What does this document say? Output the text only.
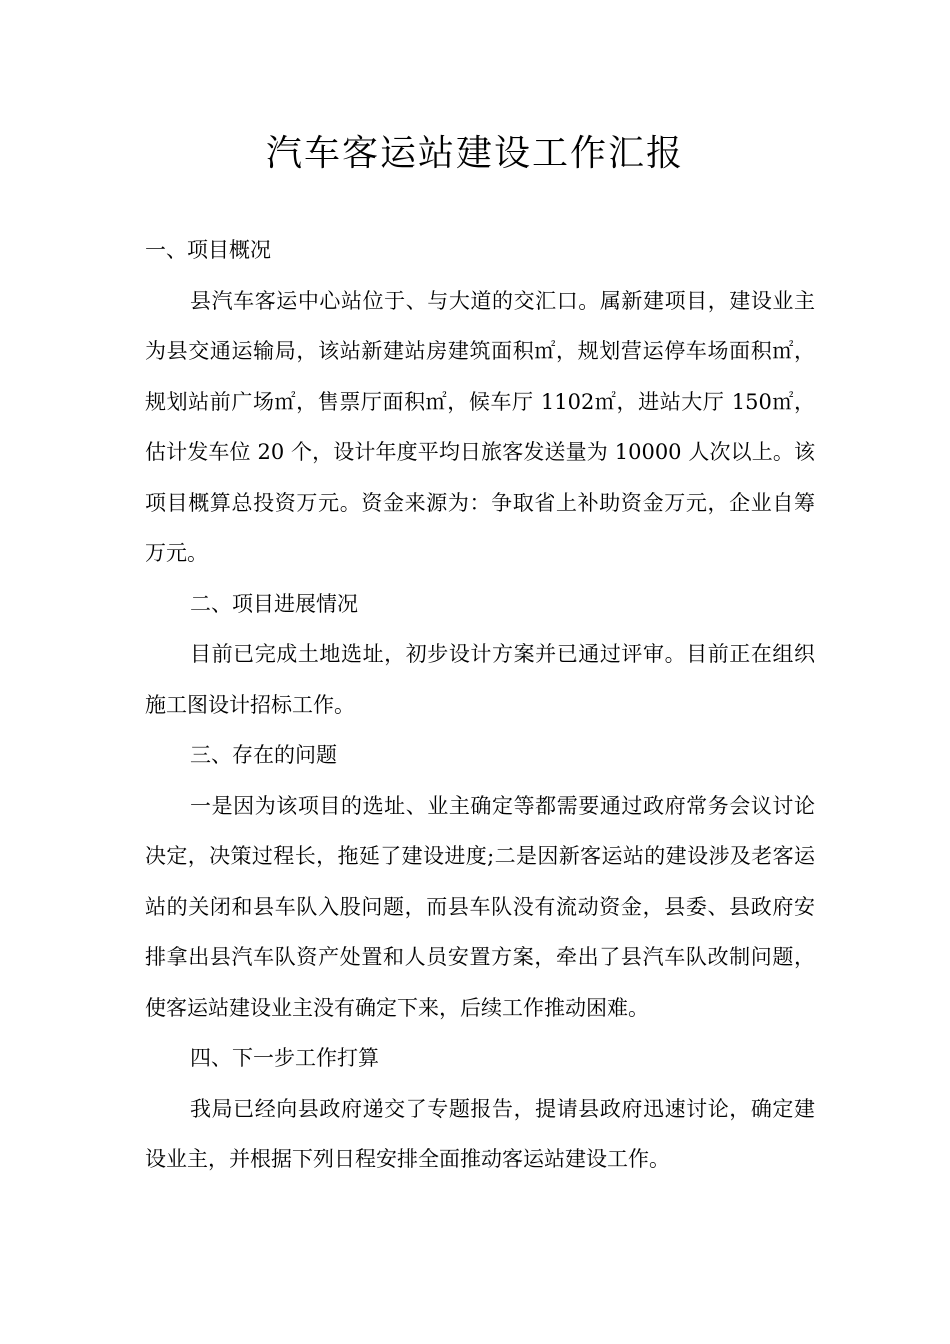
汽车客运站建设工作汇报

一、项目概况

县汽车客运中心站位于、与大道的交汇口。属新建项目，建设业主为县交通运输局，该站新建站房建筑面积㎡，规划营运停车场面积㎡，规划站前广场㎡，售票厅面积㎡，候车厅 1102㎡，进站大厅 150㎡，估计发车位 20 个，设计年度平均日旅客发送量为 10000 人次以上。该项目概算总投资万元。资金来源为：争取省上补助资金万元，企业自筹万元。

二、项目进展情况

目前已完成土地选址，初步设计方案并已通过评审。目前正在组织施工图设计招标工作。

三、存在的问题

一是因为该项目的选址、业主确定等都需要通过政府常务会议讨论决定，决策过程长，拖延了建设进度;二是因新客运站的建设涉及老客运站的关闭和县车队入股问题，而县车队没有流动资金，县委、县政府安排拿出县汽车队资产处置和人员安置方案，牵出了县汽车队改制问题，使客运站建设业主没有确定下来，后续工作推动困难。

四、下一步工作打算

我局已经向县政府递交了专题报告，提请县政府迅速讨论，确定建设业主，并根据下列日程安排全面推动客运站建设工作。
